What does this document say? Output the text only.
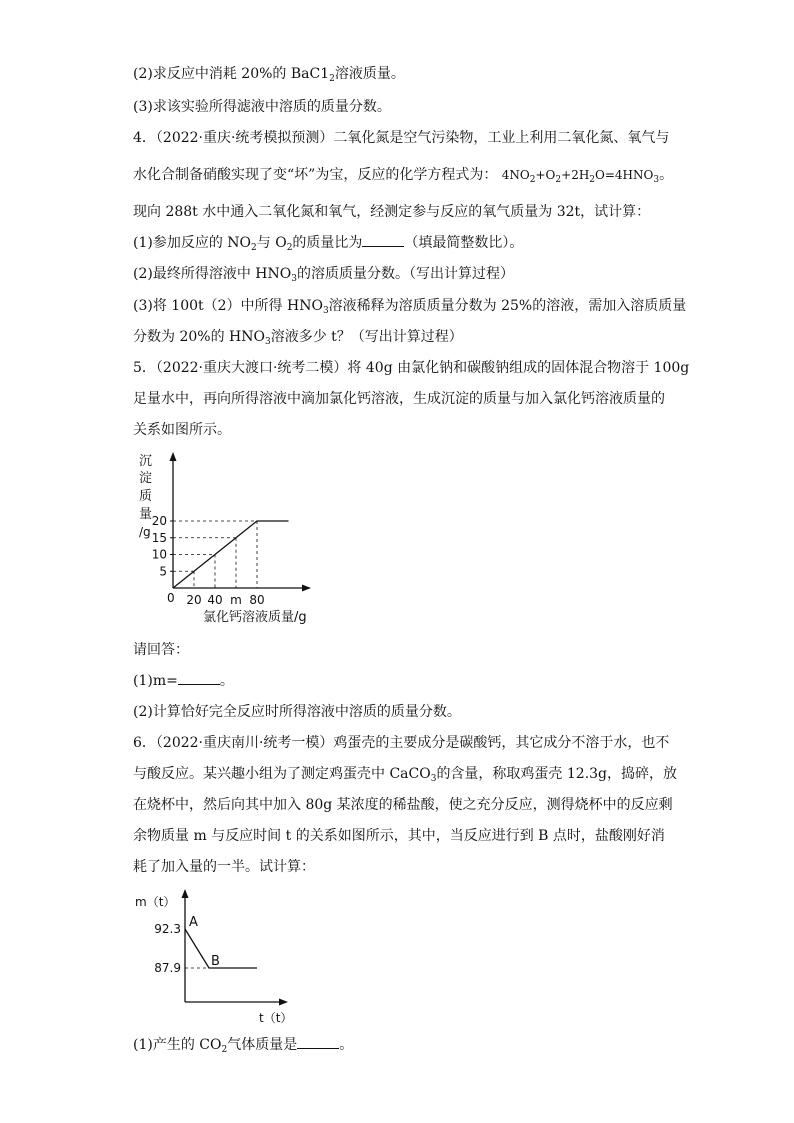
(2)求反应中消耗 20%的 $BaC1_2$溶液质量。
(3)求该实验所得滤液中溶质的质量分数。
4．（2022·重庆·统考模拟预测）二氧化氮是空气污染物，工业上利用二氧化氮、氧气与
水化合制备硝酸实现了变“坏”为宝，反应的化学方程式为： $4NO_2+O_2+2H_2O=4HNO_3$。
现向 288t 水中通入二氧化氮和氧气，经测定参与反应的氧气质量为 32t，试计算：
(1)参加反应的 $NO_2$与 $O_2$的质量比为	（填最简整数比）。
(2)最终所得溶液中 $HNO_3$的溶质质量分数。（写出计算过程）
(3)将 100t（2）中所得 $HNO_3$溶液稀释为溶质质量分数为 25%的溶液，需加入溶质质量
分数为 20%的 $HNO_3$溶液多少 t？（写出计算过程）
5．（2022·重庆大渡口·统考二模）将 40g 由氯化钠和碳酸钠组成的固体混合物溶于 100g
足量水中，再向所得溶液中滴加氯化钙溶液，生成沉淀的质量与加入氯化钙溶液质量的
关系如图所示。
沉
淀
质
量
/g
0
氯化钙溶液质量/g
5
20
10
40
15
m
20
80
请回答：
(1)m=	。
(2)计算恰好完全反应时所得溶液中溶质的质量分数。
6．（2022·重庆南川·统考一模）鸡蛋壳的主要成分是碳酸钙，其它成分不溶于水，也不
与酸反应。某兴趣小组为了测定鸡蛋壳中 CaCO$_3$的含量，称取鸡蛋壳 12.3g，捣碎，放
在烧杯中，然后向其中加入 80g 某浓度的稀盐酸，使之充分反应，测得烧杯中的反应剩
余物质量 m 与反应时间 t 的关系如图所示，其中，当反应进行到 B 点时，盐酸刚好消
耗了加入量的一半。试计算：
m（t）
t（t）
92.3
87.9
A
B
(1)产生的 $CO_2$气体质量是	。
